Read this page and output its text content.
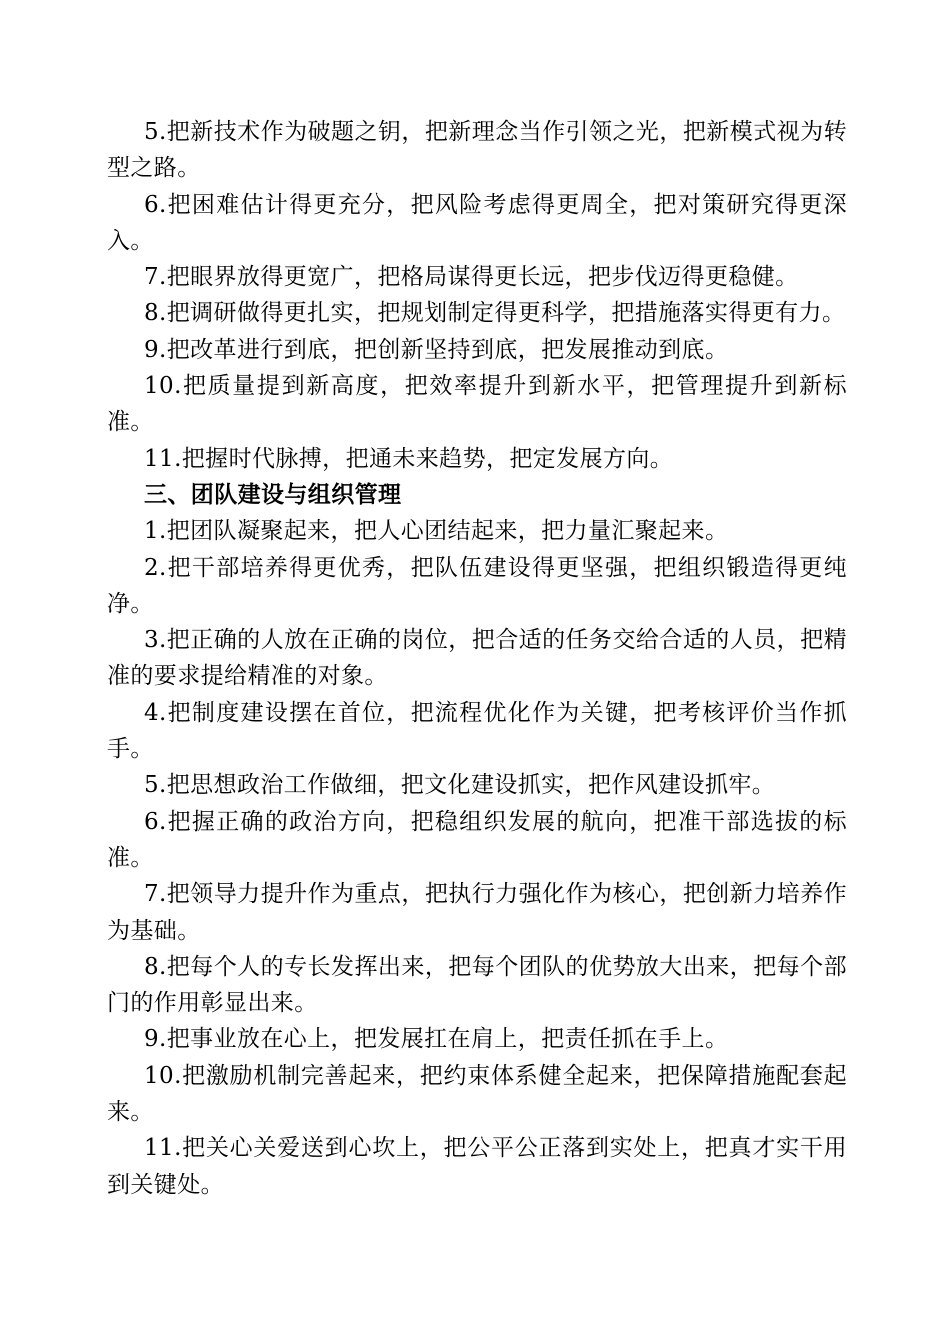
5.把新技术作为破题之钥，把新理念当作引领之光，把新模式视为转型之路。

6.把困难估计得更充分，把风险考虑得更周全，把对策研究得更深入。

7.把眼界放得更宽广，把格局谋得更长远，把步伐迈得更稳健。

8.把调研做得更扎实，把规划制定得更科学，把措施落实得更有力。

9.把改革进行到底，把创新坚持到底，把发展推动到底。

10.把质量提到新高度，把效率提升到新水平，把管理提升到新标准。

11.把握时代脉搏，把通未来趋势，把定发展方向。

三、团队建设与组织管理

1.把团队凝聚起来，把人心团结起来，把力量汇聚起来。

2.把干部培养得更优秀，把队伍建设得更坚强，把组织锻造得更纯净。

3.把正确的人放在正确的岗位，把合适的任务交给合适的人员，把精准的要求提给精准的对象。

4.把制度建设摆在首位，把流程优化作为关键，把考核评价当作抓手。

5.把思想政治工作做细，把文化建设抓实，把作风建设抓牢。

6.把握正确的政治方向，把稳组织发展的航向，把准干部选拔的标准。

7.把领导力提升作为重点，把执行力强化作为核心，把创新力培养作为基础。

8.把每个人的专长发挥出来，把每个团队的优势放大出来，把每个部门的作用彰显出来。

9.把事业放在心上，把发展扛在肩上，把责任抓在手上。

10.把激励机制完善起来，把约束体系健全起来，把保障措施配套起来。

11.把关心关爱送到心坎上，把公平公正落到实处上，把真才实干用到关键处。
